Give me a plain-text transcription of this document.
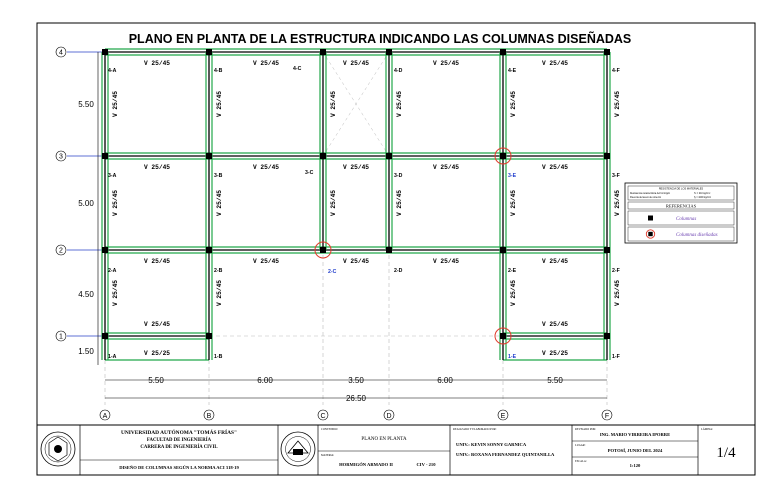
PLANO EN PLANTA DE LA ESTRUCTURA INDICANDO LAS COLUMNAS DISEÑADAS
A	B	C	D	E	F
1
2
3
4
4-A	4-B	4-C	4-D	4-E	4-F
3-A	3-B	3-C	3-D	3-E	3-F
2-A	2-B	2-C	2-D	2-E	2-F
1-A	1-B	1-E	1-F
V 25/45	V 25/45	V 25/45	V 25/45	V 25/45
V 25/45	V 25/45	V 25/45	V 25/45	V 25/45
V 25/45	V 25/45	V 25/45	V 25/45	V 25/45
V 25/45	V 25/45
V 25/25	V 25/25
V 25/45
V 25/45
V 25/45
V 25/45
V 25/45
V 25/45
V 25/45
V 25/45
V 25/45
V 25/45
V 25/45
V 25/45
V 25/45
V 25/45
V 25/45
V 25/45
5.50	6.00	3.50	6.00	5.50
26.50
5.50
5.00
4.50
1.50
RESISTENCIA DE LOS MATERIALES
Resistencia característica del hormigón	f'c = 210 kg/cm²
Fluencia del acero de refuerzo	fy = 4200 kg/cm²
REFERENCIAS
Columnas
Columnas diseñadas
UNIVERSIDAD AUTÓNOMA "TOMÁS FRÍAS"
FACULTAD DE INGENIERÍA
CARRERA DE INGENIERÍA CIVIL
DISEÑO DE COLUMNAS SEGÚN LA NORMA ACI 318-19
CONTENIDO:
PLANO EN PLANTA
MATERIA:
HORMIGÓN ARMADO II	CIV - 210
REALIZADO Y ELABORADO POR:
UNIV.: KEVIN SONNY GARNICA
UNIV.: ROXANA FERNANDEZ QUINTANILLA
REVISADO POR:
ING. MARIO VIRREIRA IPORRE
LUGAR:
POTOSÍ, JUNIO DEL 2024
ESCALA:
1:120
LÁMINA:
1/4
